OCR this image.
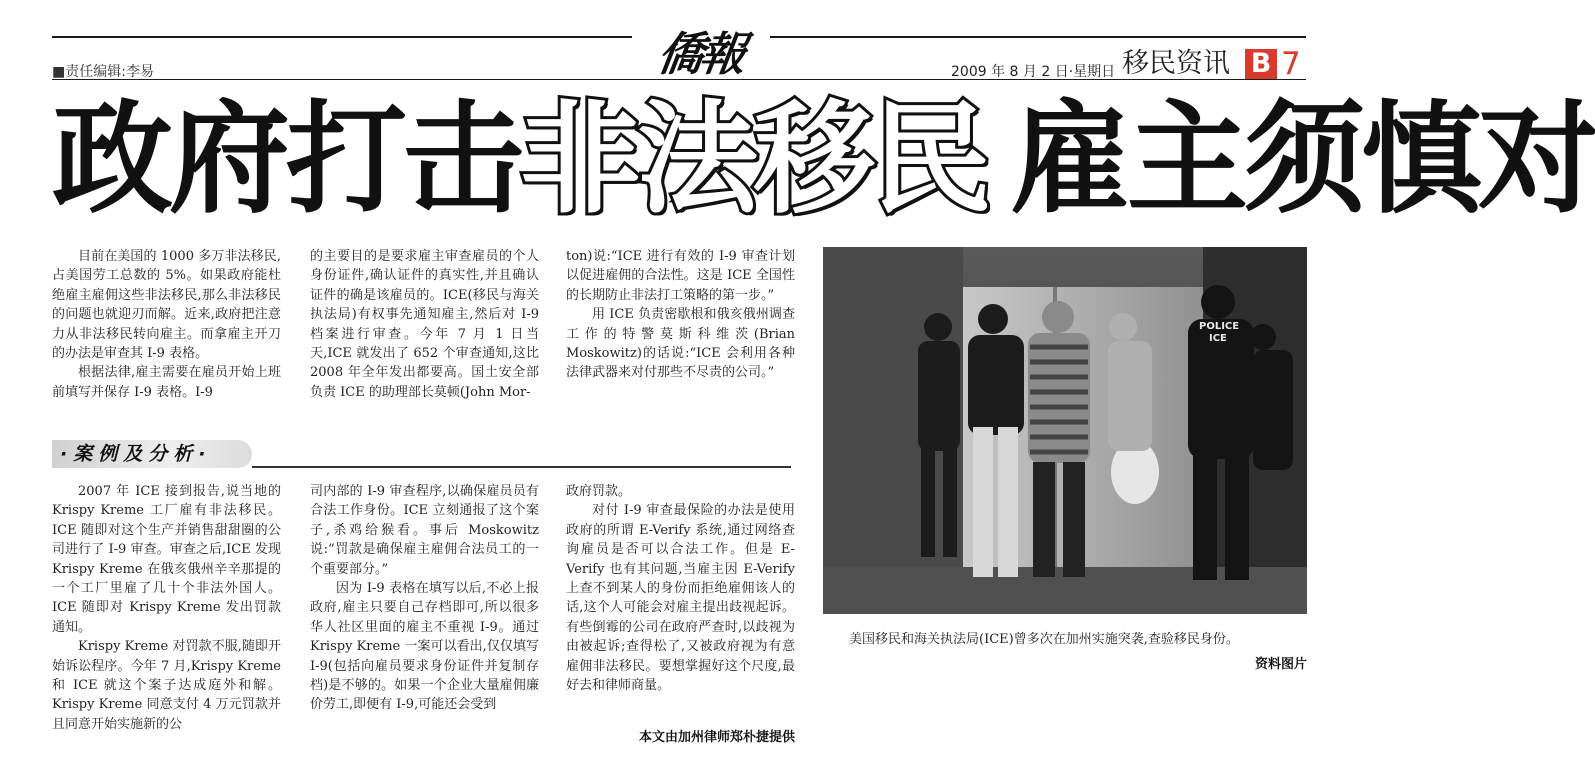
■责任编辑:李易	僑報	2009 年 8 月 2 日·星期日 移民资讯 B 7
政府打击非法移民 雇主须慎对

目前在美国的 1000 多万非法移民,占美国劳工总数的 5%。如果政府能杜绝雇主雇佣这些非法移民,那么非法移民的问题也就迎刃而解。近来,政府把注意力从非法移民转向雇主。而拿雇主开刀的办法是审查其 I-9 表格。

根据法律,雇主需要在雇员开始上班前填写并保存 I-9 表格。I-9

的主要目的是要求雇主审查雇员的个人身份证件,确认证件的真实性,并且确认证件的确是该雇员的。ICE(移民与海关执法局)有权事先通知雇主,然后对 I-9 档案进行审查。今年 7 月 1 日当天,ICE 就发出了 652 个审查通知,这比 2008 年全年发出都要高。国土安全部负责 ICE 的助理部长莫顿(John Mor-

ton)说:“ICE 进行有效的 I-9 审查计划以促进雇佣的合法性。这是 ICE 全国性的长期防止非法打工策略的第一步。”

用 ICE 负责密歇根和俄亥俄州调查工作的特警莫斯科维茨(Brian Moskowitz)的话说:“ICE 会利用各种法律武器来对付那些不尽责的公司。”

·案例及分析·

2007 年 ICE 接到报告,说当地的 Krispy Kreme 工厂雇有非法移民。ICE 随即对这个生产并销售甜甜圈的公司进行了 I-9 审查。审查之后,ICE 发现 Krispy Kreme 在俄亥俄州辛辛那提的一个工厂里雇了几十个非法外国人。ICE 随即对 Krispy Kreme 发出罚款通知。

Krispy Kreme 对罚款不服,随即开始诉讼程序。今年 7 月,Krispy Kreme 和 ICE 就这个案子达成庭外和解。Krispy Kreme 同意支付 4 万元罚款并且同意开始实施新的公

司内部的 I-9 审查程序,以确保雇员员有合法工作身份。ICE 立刻通报了这个案子,杀鸡给猴看。事后 Moskowitz 说:“罚款是确保雇主雇佣合法员工的一个重要部分。”

因为 I-9 表格在填写以后,不必上报政府,雇主只要自己存档即可,所以很多华人社区里面的雇主不重视 I-9。通过 Krispy Kreme 一案可以看出,仅仅填写 I-9(包括向雇员要求身份证件并复制存档)是不够的。如果一个企业大量雇佣廉价劳工,即便有 I-9,可能还会受到

政府罚款。

对付 I-9 审查最保险的办法是使用政府的所谓 E-Verify 系统,通过网络查询雇员是否可以合法工作。但是 E-Verify 也有其问题,当雇主因 E-Verify 上查不到某人的身份而拒绝雇佣该人的话,这个人可能会对雇主提出歧视起诉。有些倒霉的公司在政府严查时,以歧视为由被起诉;查得松了,又被政府视为有意雇佣非法移民。要想掌握好这个尺度,最好去和律师商量。

本文由加州律师郑朴捷提供
POLICE
ICE
美国移民和海关执法局(ICE)曾多次在加州实施突袭,查验移民身份。
资料图片
